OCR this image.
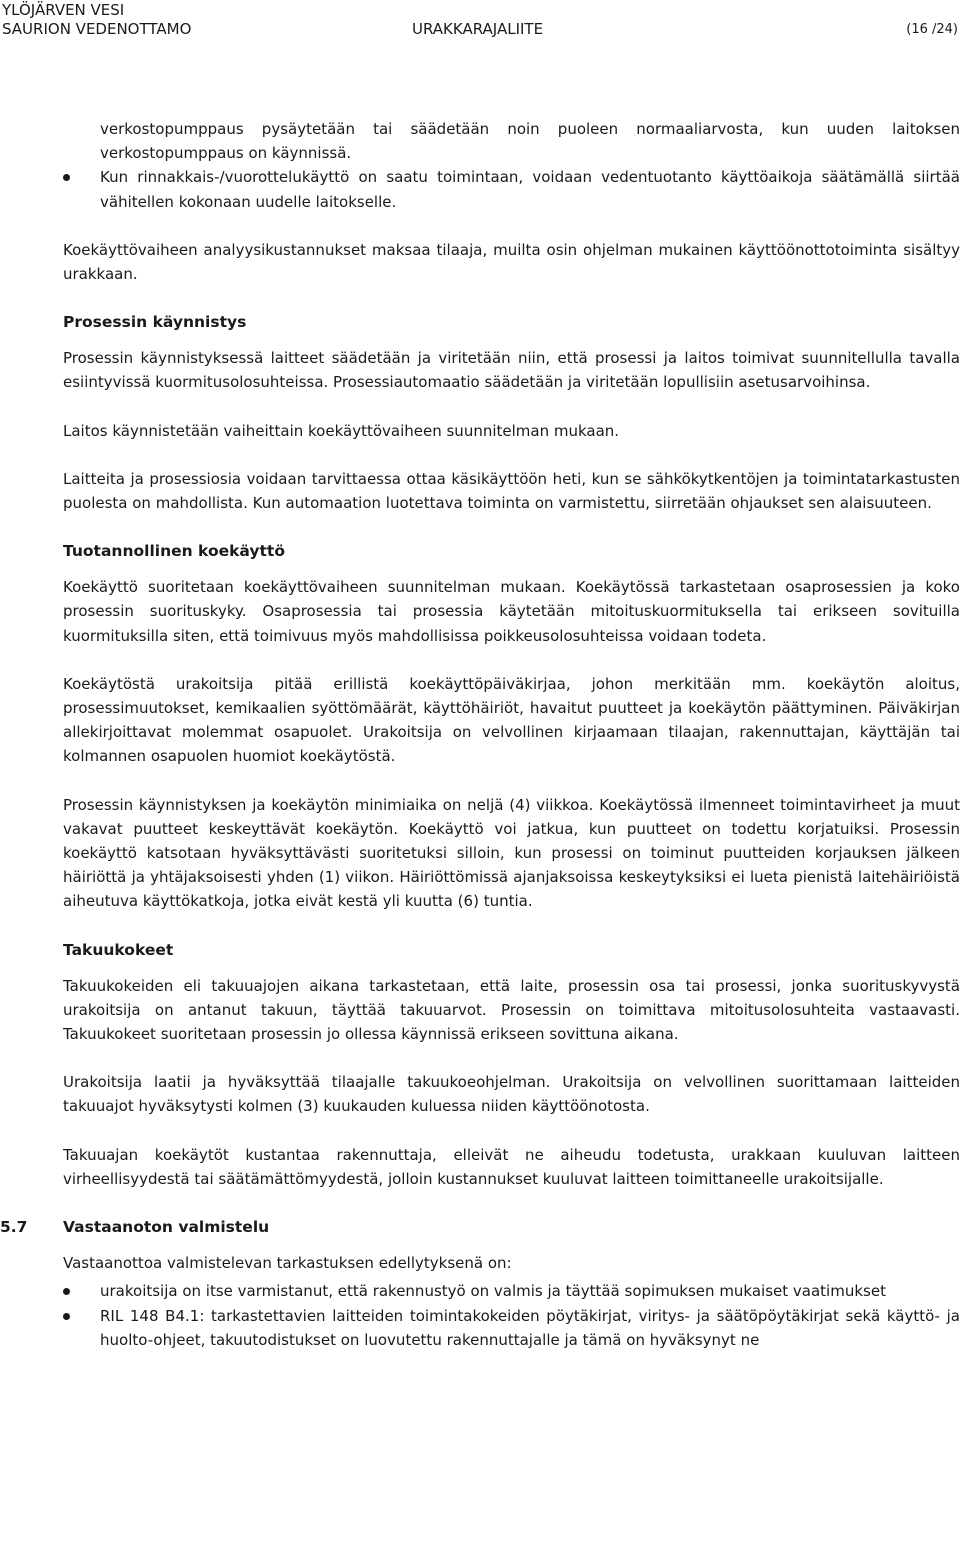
YLÖJÄRVEN VESI
SAURION VEDENOTTAMO	URAKKARAJALIITE	(16 /24)

verkostopumppaus pysäytetään tai säädetään noin puoleen normaaliarvosta, kun uuden laitoksen verkostopumppaus on käynnissä.

Kun rinnakkais-/vuorottelukäyttö on saatu toimintaan, voidaan vedentuotanto käyttöaikoja säätämällä siirtää vähitellen kokonaan uudelle laitokselle.

Koekäyttövaiheen analyysikustannukset maksaa tilaaja, muilta osin ohjelman mukainen käyttöönottotoiminta sisältyy urakkaan.

Prosessin käynnistys

Prosessin käynnistyksessä laitteet säädetään ja viritetään niin, että prosessi ja laitos toimivat suunnitellulla tavalla esiintyvissä kuormitusolosuhteissa. Prosessiautomaatio säädetään ja viritetään lopullisiin asetusarvoihinsa.

Laitos käynnistetään vaiheittain koekäyttövaiheen suunnitelman mukaan.

Laitteita ja prosessiosia voidaan tarvittaessa ottaa käsikäyttöön heti, kun se sähkökytkentöjen ja toimintatarkastusten puolesta on mahdollista. Kun automaation luotettava toiminta on varmistettu, siirretään ohjaukset sen alaisuuteen.

Tuotannollinen koekäyttö

Koekäyttö suoritetaan koekäyttövaiheen suunnitelman mukaan. Koekäytössä tarkastetaan osaprosessien ja koko prosessin suorituskyky. Osaprosessia tai prosessia käytetään mitoituskuormituksella tai erikseen sovituilla kuormituksilla siten, että toimivuus myös mahdollisissa poikkeusolosuhteissa voidaan todeta.

Koekäytöstä urakoitsija pitää erillistä koekäyttöpäiväkirjaa, johon merkitään mm. koekäytön aloitus, prosessimuutokset, kemikaalien syöttömäärät, käyttöhäiriöt, havaitut puutteet ja koekäytön päättyminen. Päiväkirjan allekirjoittavat molemmat osapuolet. Urakoitsija on velvollinen kirjaamaan tilaajan, rakennuttajan, käyttäjän tai kolmannen osapuolen huomiot koekäytöstä.

Prosessin käynnistyksen ja koekäytön minimiaika on neljä (4) viikkoa. Koekäytössä ilmenneet toimintavirheet ja muut vakavat puutteet keskeyttävät koekäytön. Koekäyttö voi jatkua, kun puutteet on todettu korjatuiksi. Prosessin koekäyttö katsotaan hyväksyttävästi suoritetuksi silloin, kun prosessi on toiminut puutteiden korjauksen jälkeen häiriöttä ja yhtäjaksoisesti yhden (1) viikon. Häiriöttömissä ajanjaksoissa keskeytyksiksi ei lueta pienistä laitehäiriöistä aiheutuva käyttökatkoja, jotka eivät kestä yli kuutta (6) tuntia.

Takuukokeet

Takuukokeiden eli takuuajojen aikana tarkastetaan, että laite, prosessin osa tai prosessi, jonka suorituskyvystä urakoitsija on antanut takuun, täyttää takuuarvot. Prosessin on toimittava mitoitusolosuhteita vastaavasti. Takuukokeet suoritetaan prosessin jo ollessa käynnissä erikseen sovittuna aikana.

Urakoitsija laatii ja hyväksyttää tilaajalle takuukoeohjelman. Urakoitsija on velvollinen suorittamaan laitteiden takuuajot hyväksytysti kolmen (3) kuukauden kuluessa niiden käyttöönotosta.

Takuuajan koekäytöt kustantaa rakennuttaja, elleivät ne aiheudu todetusta, urakkaan kuuluvan laitteen virheellisyydestä tai säätämättömyydestä, jolloin kustannukset kuuluvat laitteen toimittaneelle urakoitsijalle.

5.7 Vastaanoton valmistelu

Vastaanottoa valmistelevan tarkastuksen edellytyksenä on:

urakoitsija on itse varmistanut, että rakennustyö on valmis ja täyttää sopimuksen mukaiset vaatimukset
RIL 148 B4.1: tarkastettavien laitteiden toimintakokeiden pöytäkirjat, viritys- ja säätöpöytäkirjat sekä käyttö- ja huolto-ohjeet, takuutodistukset on luovutettu rakennuttajalle ja tämä on hyväksynyt ne
